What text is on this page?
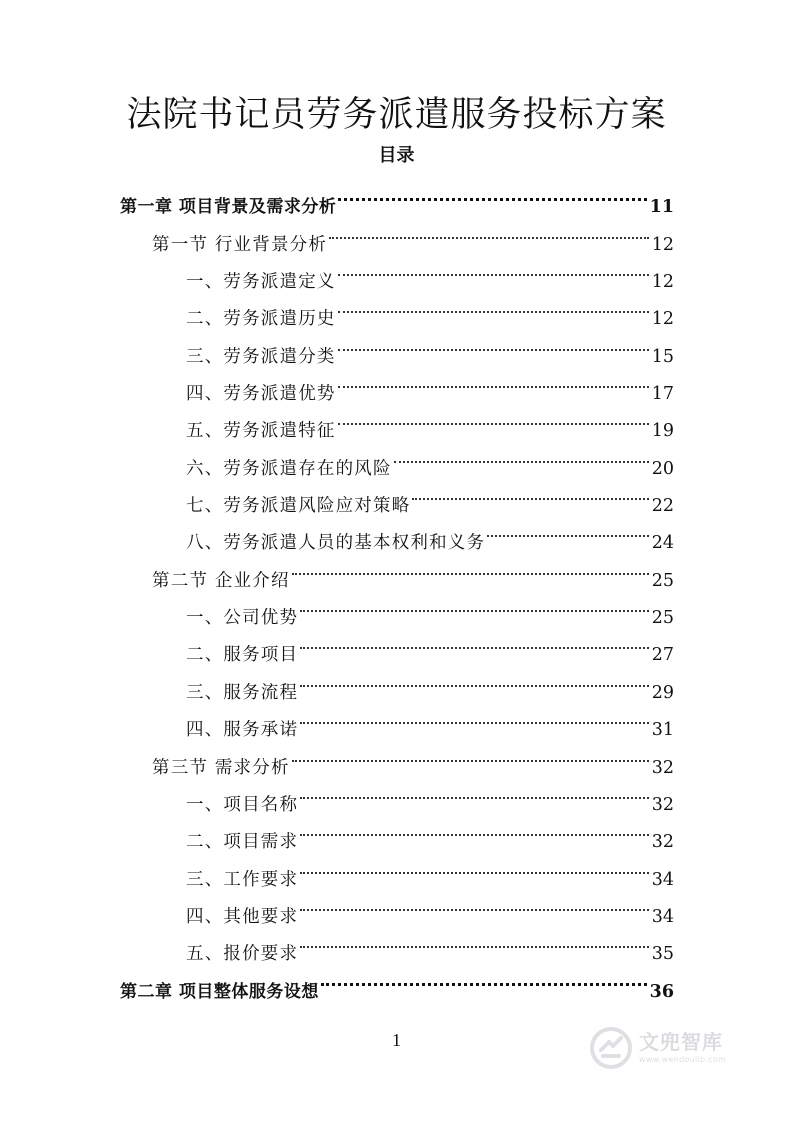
法院书记员劳务派遣服务投标方案
目录
第一章 项目背景及需求分析	11
第一节 行业背景分析	12
一、劳务派遣定义	12
二、劳务派遣历史	12
三、劳务派遣分类	15
四、劳务派遣优势	17
五、劳务派遣特征	19
六、劳务派遣存在的风险	20
七、劳务派遣风险应对策略	22
八、劳务派遣人员的基本权利和义务	24
第二节 企业介绍	25
一、公司优势	25
二、服务项目	27
三、服务流程	29
四、服务承诺	31
第三节 需求分析	32
一、项目名称	32
二、项目需求	32
三、工作要求	34
四、其他要求	34
五、报价要求	35
第二章 项目整体服务设想	36
1	文兜智库
www.wendoulib.com
